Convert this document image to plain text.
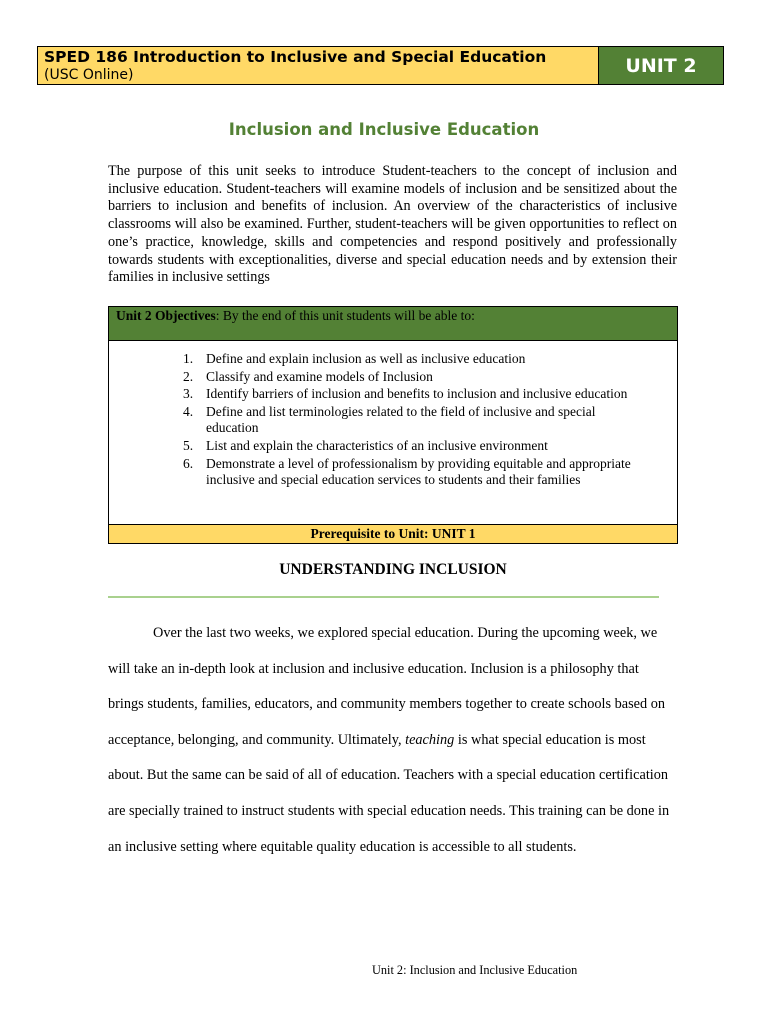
SPED 186 Introduction to Inclusive and Special Education
(USC Online)	UNIT 2
Inclusion and Inclusive Education

The purpose of this unit seeks to introduce Student-teachers to the concept of inclusion and inclusive education. Student-teachers will examine models of inclusion and be sensitized about the barriers to inclusion and benefits of inclusion. An overview of the characteristics of inclusive classrooms will also be examined. Further, student-teachers will be given opportunities to reflect on one’s practice, knowledge, skills and competencies and respond positively and professionally towards students with exceptionalities, diverse and special education needs and by extension their families in inclusive settings

Unit 2 Objectives: By the end of this unit students will be able to:
1. Define and explain inclusion as well as inclusive education
2. Classify and examine models of Inclusion
3. Identify barriers of inclusion and benefits to inclusion and inclusive education
4. Define and list terminologies related to the field of inclusive and special education
5. List and explain the characteristics of an inclusive environment
6. Demonstrate a level of professionalism by providing equitable and appropriate inclusive and special education services to students and their families
Prerequisite to Unit: UNIT 1
UNDERSTANDING INCLUSION

Over the last two weeks, we explored special education. During the upcoming week, we will take an in-depth look at inclusion and inclusive education. Inclusion is a philosophy that brings students, families, educators, and community members together to create schools based on acceptance, belonging, and community. Ultimately, teaching is what special education is most about. But the same can be said of all of education. Teachers with a special education certification are specially trained to instruct students with special education needs. This training can be done in an inclusive setting where equitable quality education is accessible to all students.

Unit 2: Inclusion and Inclusive Education
